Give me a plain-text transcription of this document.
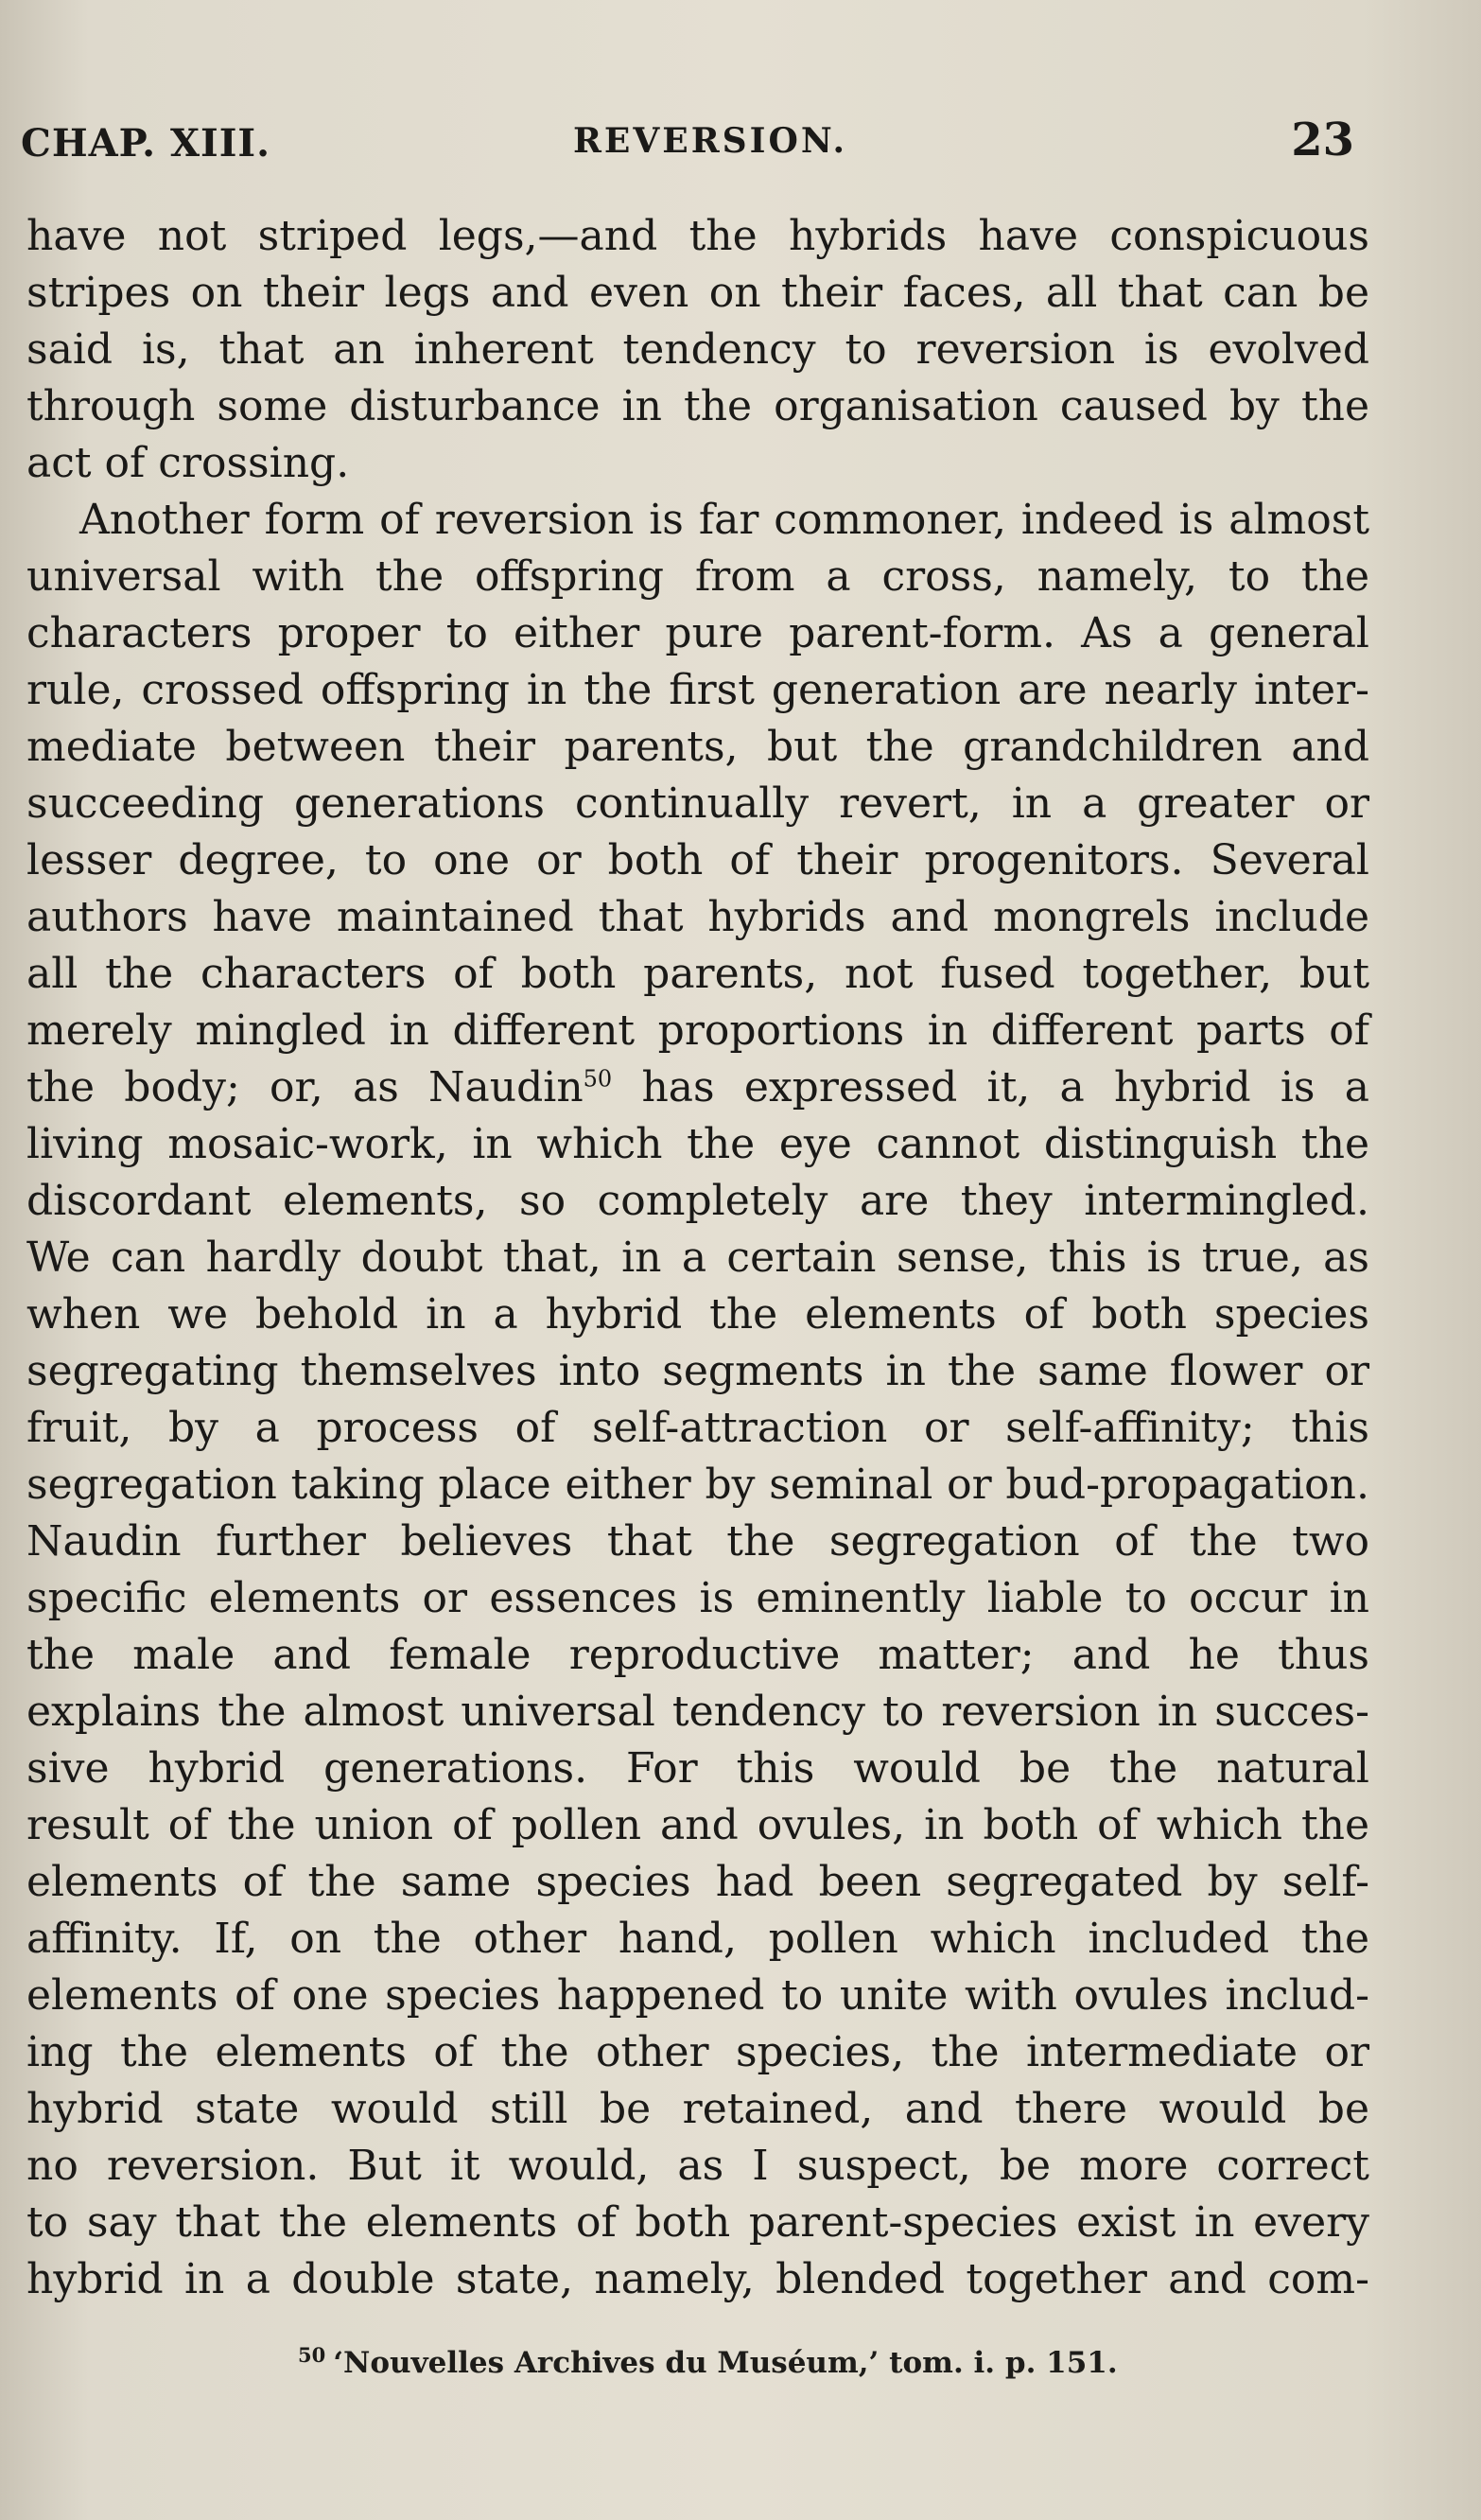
CHAP. XIII.	REVERSION.	23
have not striped legs,—and the hybrids have conspicuous
stripes on their legs and even on their faces, all that can be
said is, that an inherent tendency to reversion is evolved
through some disturbance in the organisation caused by the
act of crossing.
Another form of reversion is far commoner, indeed is almost
universal with the offspring from a cross, namely, to the
characters proper to either pure parent-form. As a general
rule, crossed offspring in the first generation are nearly inter-
mediate between their parents, but the grandchildren and
succeeding generations continually revert, in a greater or
lesser degree, to one or both of their progenitors. Several
authors have maintained that hybrids and mongrels include
all the characters of both parents, not fused together, but
merely mingled in different proportions in different parts of
the body; or, as Naudin$^{50}$ has expressed it, a hybrid is a
living mosaic-work, in which the eye cannot distinguish the
discordant elements, so completely are they intermingled.
We can hardly doubt that, in a certain sense, this is true, as
when we behold in a hybrid the elements of both species
segregating themselves into segments in the same flower or
fruit, by a process of self-attraction or self-affinity; this
segregation taking place either by seminal or bud-propagation.
Naudin further believes that the segregation of the two
specific elements or essences is eminently liable to occur in
the male and female reproductive matter; and he thus
explains the almost universal tendency to reversion in succes-
sive hybrid generations. For this would be the natural
result of the union of pollen and ovules, in both of which the
elements of the same species had been segregated by self-
affinity. If, on the other hand, pollen which included the
elements of one species happened to unite with ovules includ-
ing the elements of the other species, the intermediate or
hybrid state would still be retained, and there would be
no reversion. But it would, as I suspect, be more correct
to say that the elements of both parent-species exist in every
hybrid in a double state, namely, blended together and com-
$^{50}$ ‘Nouvelles Archives du Muséum,’ tom. i. p. 151.
